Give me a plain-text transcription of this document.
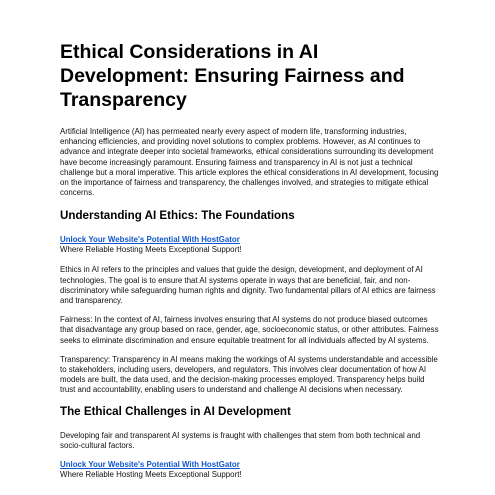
Ethical Considerations in AI Development: Ensuring Fairness and Transparency

Artificial Intelligence (AI) has permeated nearly every aspect of modern life, transforming industries, enhancing efficiencies, and providing novel solutions to complex problems. However, as AI continues to advance and integrate deeper into societal frameworks, ethical considerations surrounding its development have become increasingly paramount. Ensuring fairness and transparency in AI is not just a technical challenge but a moral imperative. This article explores the ethical considerations in AI development, focusing on the importance of fairness and transparency, the challenges involved, and strategies to mitigate ethical concerns.

Understanding AI Ethics: The Foundations
Unlock Your Website's Potential With HostGator
Where Reliable Hosting Meets Exceptional Support!

Ethics in AI refers to the principles and values that guide the design, development, and deployment of AI technologies. The goal is to ensure that AI systems operate in ways that are beneficial, fair, and non-discriminatory while safeguarding human rights and dignity. Two fundamental pillars of AI ethics are fairness and transparency.

Fairness: In the context of AI, fairness involves ensuring that AI systems do not produce biased outcomes that disadvantage any group based on race, gender, age, socioeconomic status, or other attributes. Fairness seeks to eliminate discrimination and ensure equitable treatment for all individuals affected by AI systems.

Transparency: Transparency in AI means making the workings of AI systems understandable and accessible to stakeholders, including users, developers, and regulators. This involves clear documentation of how AI models are built, the data used, and the decision-making processes employed. Transparency helps build trust and accountability, enabling users to understand and challenge AI decisions when necessary.

The Ethical Challenges in AI Development

Developing fair and transparent AI systems is fraught with challenges that stem from both technical and socio-cultural factors.

Unlock Your Website's Potential With HostGator
Where Reliable Hosting Meets Exceptional Support!
